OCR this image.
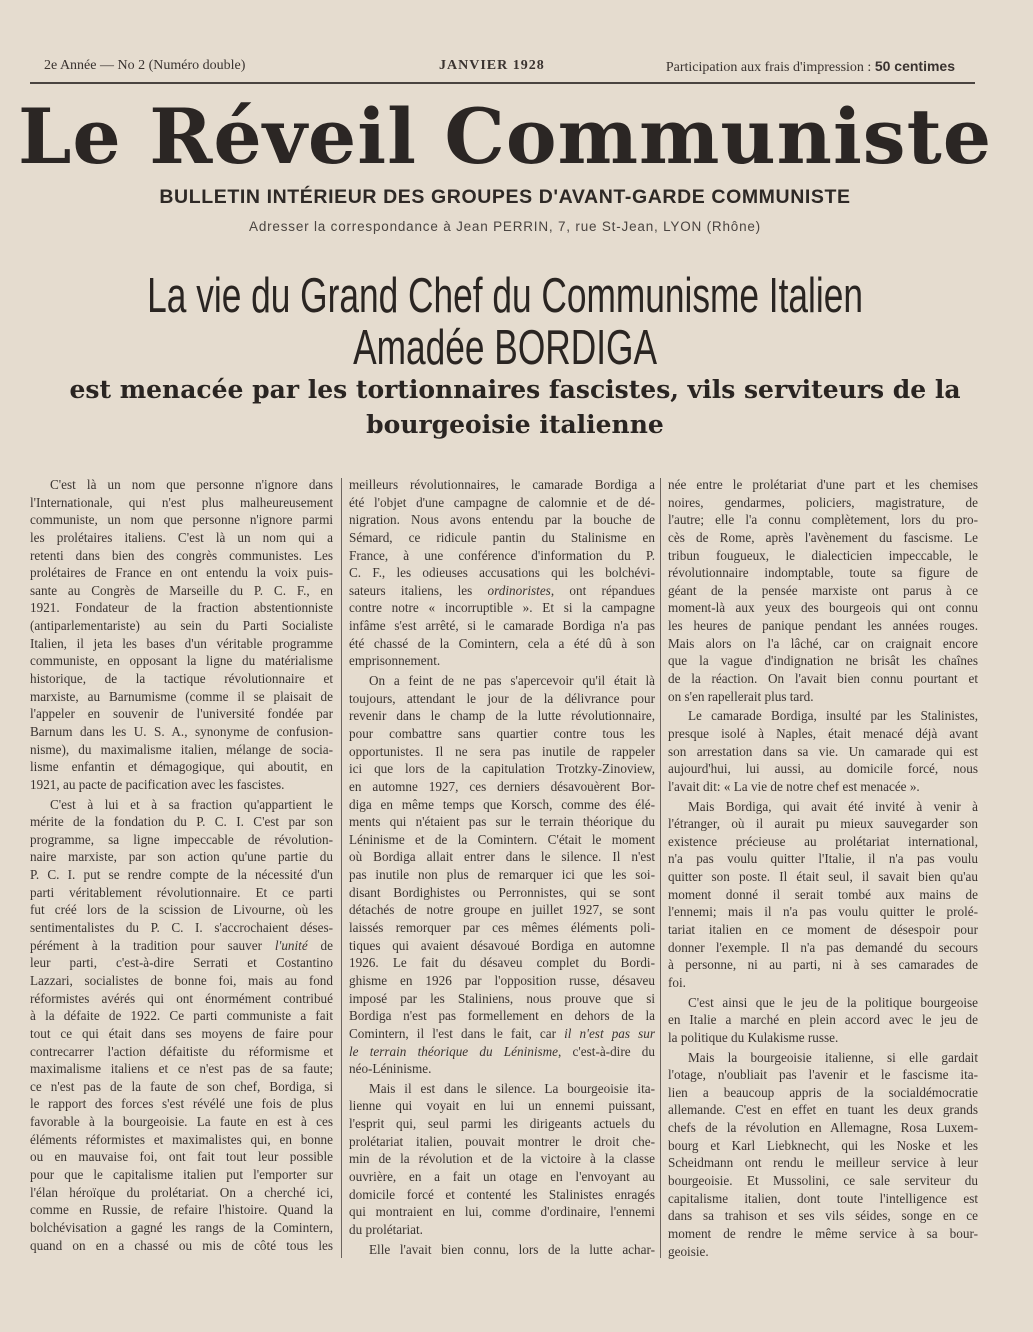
2e Année — No 2 (Numéro double)	JANVIER 1928	Participation aux frais d'impression : 50 centimes
Le Réveil Communiste
BULLETIN INTÉRIEUR DES GROUPES D'AVANT-GARDE COMMUNISTE
Adresser la correspondance à Jean PERRIN, 7, rue St-Jean, LYON (Rhône)
La vie du Grand Chef du Communisme Italien
Amadée BORDIGA
est menacée par les tortionnaires fascistes, vils serviteurs de la
bourgeoisie italienne
C'est là un nom que personne n'ignore dans
l'Internationale, qui n'est plus malheureusement
communiste, un nom que personne n'ignore parmi
les prolétaires italiens. C'est là un nom qui a
retenti dans bien des congrès communistes. Les
prolétaires de France en ont entendu la voix puis-
sante au Congrès de Marseille du P. C. F., en
1921. Fondateur de la fraction abstentionniste
(antiparlementariste) au sein du Parti Socialiste
Italien, il jeta les bases d'un véritable programme
communiste, en opposant la ligne du matérialisme
historique, de la tactique révolutionnaire et
marxiste, au Barnumisme (comme il se plaisait de
l'appeler en souvenir de l'université fondée par
Barnum dans les U. S. A., synonyme de confusion-
nisme), du maximalisme italien, mélange de socia-
lisme enfantin et démagogique, qui aboutit, en
1921, au pacte de pacification avec les fascistes.
C'est à lui et à sa fraction qu'appartient le
mérite de la fondation du P. C. I. C'est par son
programme, sa ligne impeccable de révolution-
naire marxiste, par son action qu'une partie du
P. C. I. put se rendre compte de la nécessité d'un
parti véritablement révolutionnaire. Et ce parti
fut créé lors de la scission de Livourne, où les
sentimentalistes du P. C. I. s'accrochaient déses-
pérément à la tradition pour sauver l'unité de
leur parti, c'est-à-dire Serrati et Costantino
Lazzari, socialistes de bonne foi, mais au fond
réformistes avérés qui ont énormément contribué
à la défaite de 1922. Ce parti communiste a fait
tout ce qui était dans ses moyens de faire pour
contrecarrer l'action défaitiste du réformisme et
maximalisme italiens et ce n'est pas de sa faute;
ce n'est pas de la faute de son chef, Bordiga, si
le rapport des forces s'est révélé une fois de plus
favorable à la bourgeoisie. La faute en est à ces
éléments réformistes et maximalistes qui, en bonne
ou en mauvaise foi, ont fait tout leur possible
pour que le capitalisme italien put l'emporter sur
l'élan héroïque du prolétariat. On a cherché ici,
comme en Russie, de refaire l'histoire. Quand la
bolchévisation a gagné les rangs de la Comintern,
quand on en a chassé ou mis de côté tous les
meilleurs révolutionnaires, le camarade Bordiga a
été l'objet d'une campagne de calomnie et de dé-
nigration. Nous avons entendu par la bouche de
Sémard, ce ridicule pantin du Stalinisme en
France, à une conférence d'information du P.
C. F., les odieuses accusations qui les bolchévi-
sateurs italiens, les ordinoristes, ont répandues
contre notre « incorruptible ». Et si la campagne
infâme s'est arrêté, si le camarade Bordiga n'a pas
été chassé de la Comintern, cela a été dû à son
emprisonnement.
On a feint de ne pas s'apercevoir qu'il était là
toujours, attendant le jour de la délivrance pour
revenir dans le champ de la lutte révolutionnaire,
pour combattre sans quartier contre tous les
opportunistes. Il ne sera pas inutile de rappeler
ici que lors de la capitulation Trotzky-Zinoview,
en automne 1927, ces derniers désavouèrent Bor-
diga en même temps que Korsch, comme des élé-
ments qui n'étaient pas sur le terrain théorique du
Léninisme et de la Comintern. C'était le moment
où Bordiga allait entrer dans le silence. Il n'est
pas inutile non plus de remarquer ici que les soi-
disant Bordighistes ou Perronnistes, qui se sont
détachés de notre groupe en juillet 1927, se sont
laissés remorquer par ces mêmes éléments poli-
tiques qui avaient désavoué Bordiga en automne
1926. Le fait du désaveu complet du Bordi-
ghisme en 1926 par l'opposition russe, désaveu
imposé par les Staliniens, nous prouve que si
Bordiga n'est pas formellement en dehors de la
Comintern, il l'est dans le fait, car il n'est pas sur
le terrain théorique du Léninisme, c'est-à-dire du
néo-Léninisme.
Mais il est dans le silence. La bourgeoisie ita-
lienne qui voyait en lui un ennemi puissant,
l'esprit qui, seul parmi les dirigeants actuels du
prolétariat italien, pouvait montrer le droit che-
min de la révolution et de la victoire à la classe
ouvrière, en a fait un otage en l'envoyant au
domicile forcé et contenté les Stalinistes enragés
qui montraient en lui, comme d'ordinaire, l'ennemi
du prolétariat.
Elle l'avait bien connu, lors de la lutte achar-
née entre le prolétariat d'une part et les chemises
noires, gendarmes, policiers, magistrature, de
l'autre; elle l'a connu complètement, lors du pro-
cès de Rome, après l'avènement du fascisme. Le
tribun fougueux, le dialecticien impeccable, le
révolutionnaire indomptable, toute sa figure de
géant de la pensée marxiste ont parus à ce
moment-là aux yeux des bourgeois qui ont connu
les heures de panique pendant les années rouges.
Mais alors on l'a lâché, car on craignait encore
que la vague d'indignation ne brisât les chaînes
de la réaction. On l'avait bien connu pourtant et
on s'en rapellerait plus tard.
Le camarade Bordiga, insulté par les Stalinistes,
presque isolé à Naples, était menacé déjà avant
son arrestation dans sa vie. Un camarade qui est
aujourd'hui, lui aussi, au domicile forcé, nous
l'avait dit: « La vie de notre chef est menacée ».
Mais Bordiga, qui avait été invité à venir à
l'étranger, où il aurait pu mieux sauvegarder son
existence précieuse au prolétariat international,
n'a pas voulu quitter l'Italie, il n'a pas voulu
quitter son poste. Il était seul, il savait bien qu'au
moment donné il serait tombé aux mains de
l'ennemi; mais il n'a pas voulu quitter le prolé-
tariat italien en ce moment de désespoir pour
donner l'exemple. Il n'a pas demandé du secours
à personne, ni au parti, ni à ses camarades de
foi.
C'est ainsi que le jeu de la politique bourgeoise
en Italie a marché en plein accord avec le jeu de
la politique du Kulakisme russe.
Mais la bourgeoisie italienne, si elle gardait
l'otage, n'oubliait pas l'avenir et le fascisme ita-
lien a beaucoup appris de la socialdémocratie
allemande. C'est en effet en tuant les deux grands
chefs de la révolution en Allemagne, Rosa Luxem-
bourg et Karl Liebknecht, qui les Noske et les
Scheidmann ont rendu le meilleur service à leur
bourgeoisie. Et Mussolini, ce sale serviteur du
capitalisme italien, dont toute l'intelligence est
dans sa trahison et ses vils séides, songe en ce
moment de rendre le même service à sa bour-
geoisie.
